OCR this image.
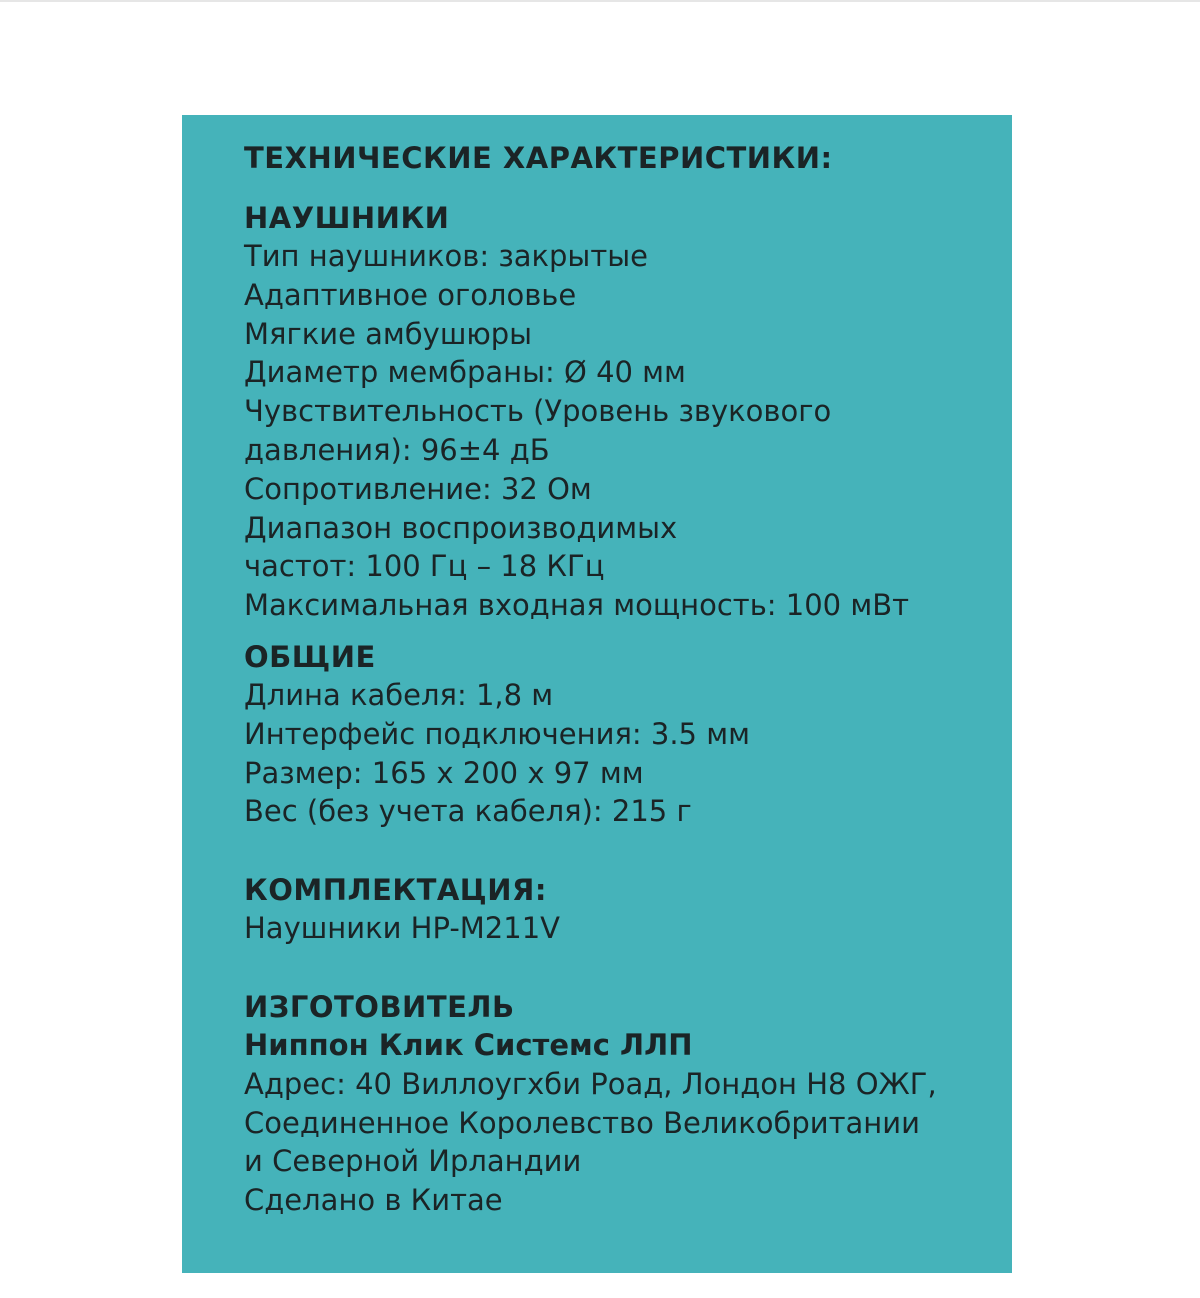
ТЕХНИЧЕСКИЕ ХАРАКТЕРИСТИКИ:

НАУШНИКИ

Тип наушников: закрытые

Адаптивное оголовье

Мягкие амбушюры

Диаметр мембраны: Ø 40 мм

Чувствительность (Уровень звукового

давления): 96±4 дБ

Сопротивление: 32 Ом

Диапазон воспроизводимых

частот: 100 Гц – 18 КГц

Максимальная входная мощность: 100 мВт

ОБЩИЕ

Длина кабеля: 1,8 м

Интерфейс подключения: 3.5 мм

Размер: 165 x 200 x 97 мм

Вес (без учета кабеля): 215 г

КОМПЛЕКТАЦИЯ:

Наушники HP-M211V

ИЗГОТОВИТЕЛЬ

Ниппон Клик Системс ЛЛП

Адрес: 40 Виллоугхби Роад, Лондон Н8 ОЖГ,

Соединенное Королевство Великобритании

и Северной Ирландии

Сделано в Китае
